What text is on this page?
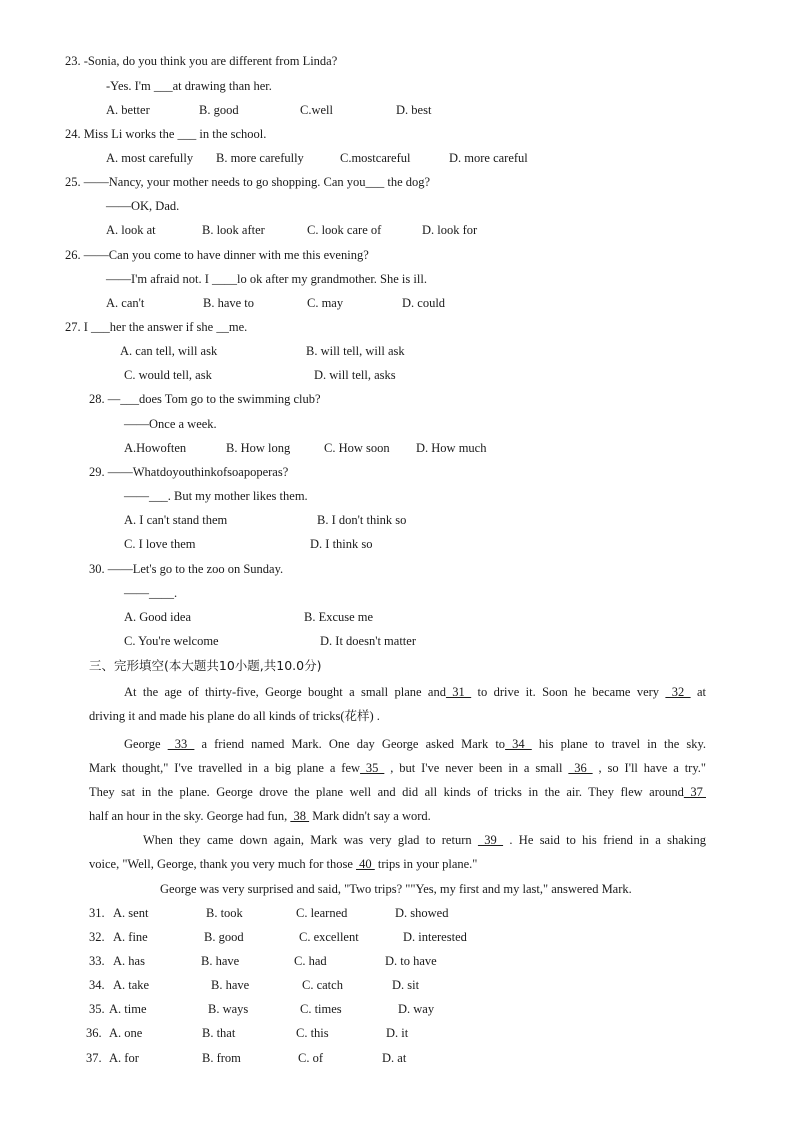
23. -Sonia, do you think you are different from Linda?
-Yes. I'm ___at drawing than her.
A. better	B. good	C.well	D. best
24. Miss Li works the ___ in the school.
A. most carefully B. more carefully	C.mostcareful	D. more careful
25. ——Nancy, your mother needs to go shopping. Can you___ the dog?
——OK, Dad.
A. look at	B. look after	C. look care of	D. look for
26. ——Can you come to have dinner with me this evening?
——I'm afraid not. I ____lo ok after my grandmother. She is ill.
A. can't	B. have to	C. may	D. could
27. I ___her the answer if she __me.
A. can tell, will ask	B. will tell, will ask
C. would tell, ask	D. will tell, asks
28. —___does Tom go to the swimming club?
——Once a week.
A.Howoften	B. How long	C. How soon D. How much
29. ——Whatdoyouthinkofsoapoperas?
——___. But my mother likes them.
A. I can't stand them	B. I don't think so
C. I love them	D. I think so
30. ——Let's go to the zoo on Sunday.
——____.
A. Good idea	B. Excuse me
C. You're welcome	D. It doesn't matter
三、完形填空(本大题共10小题,共10.0分)
At the age of thirty-five, George bought a small plane and 31  to drive it. Soon he became very  32  at
driving it and made his plane do all kinds of tricks(花样) .
George  33  a friend named Mark. One day George asked Mark to 34  his plane to travel in the sky.
Mark thought," I've travelled in a big plane a few 35  , but I've never been in a small  36  , so I'll have a try."
They sat in the plane. George drove the plane well and did all kinds of tricks in the air. They flew around 37
half an hour in the sky. George had fun,  38  Mark didn't say a word.
When they came down again, Mark was very glad to return  39  . He said to his friend in a shaking
voice, "Well, George, thank you very much for those  40  trips in your plane."
George was very surprised and said, "Two trips? ""Yes, my first and my last," answered Mark.
31. A. sent	B. took	C. learned	D. showed
32. A. fine	B. good	C. excellent	D. interested
33. A. has	B. have	C. had	D. to have
34. A. take	B. have	C. catch	D. sit
35. A. time	B. ways	C. times	D. way
36. A. one	B. that	C. this	D. it
37. A. for	B. from	C. of	D. at
